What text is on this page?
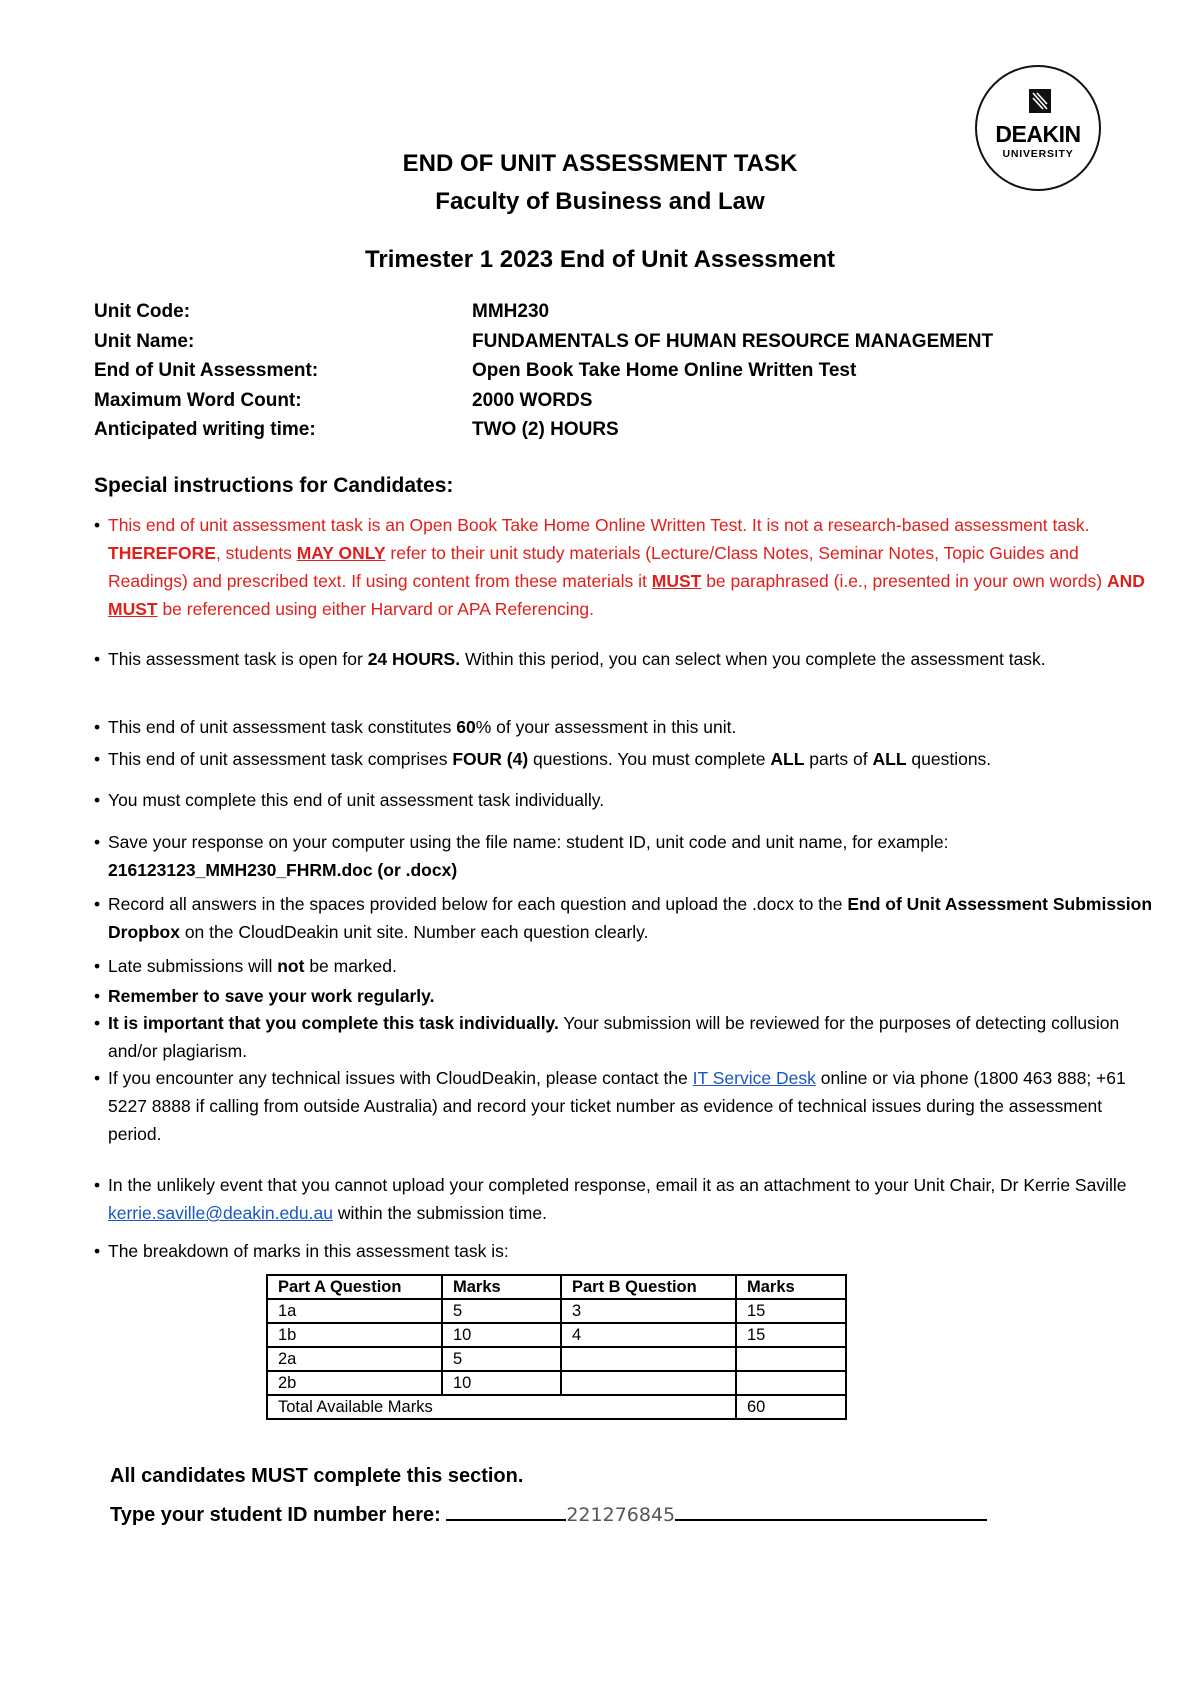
DEAKIN
UNIVERSITY
END OF UNIT ASSESSMENT TASK
Faculty of Business and Law
Trimester 1 2023 End of Unit Assessment
Unit Code:	MMH230
Unit Name:	FUNDAMENTALS OF HUMAN RESOURCE MANAGEMENT
End of Unit Assessment:	Open Book Take Home Online Written Test
Maximum Word Count:	2000 WORDS
Anticipated writing time:	TWO (2) HOURS
Special instructions for Candidates:
• This end of unit assessment task is an Open Book Take Home Online Written Test. It is not a research-based assessment task. THEREFORE, students MAY ONLY refer to their unit study materials (Lecture/Class Notes, Seminar Notes, Topic Guides and Readings) and prescribed text. If using content from these materials it MUST be paraphrased (i.e., presented in your own words) AND MUST be referenced using either Harvard or APA Referencing.
• This assessment task is open for 24 HOURS. Within this period, you can select when you complete the assessment task.
• This end of unit assessment task constitutes 60% of your assessment in this unit.
• This end of unit assessment task comprises FOUR (4) questions. You must complete ALL parts of ALL questions.
• You must complete this end of unit assessment task individually.
• Save your response on your computer using the file name: student ID, unit code and unit name, for example: 216123123_MMH230_FHRM.doc (or .docx)
• Record all answers in the spaces provided below for each question and upload the .docx to the End of Unit Assessment Submission Dropbox on the CloudDeakin unit site. Number each question clearly.
• Late submissions will not be marked.
• Remember to save your work regularly.
• It is important that you complete this task individually. Your submission will be reviewed for the purposes of detecting collusion and/or plagiarism.
• If you encounter any technical issues with CloudDeakin, please contact the IT Service Desk online or via phone (1800 463 888; +61 5227 8888 if calling from outside Australia) and record your ticket number as evidence of technical issues during the assessment period.
• In the unlikely event that you cannot upload your completed response, email it as an attachment to your Unit Chair, Dr Kerrie Saville kerrie.saville@deakin.edu.au within the submission time.
• The breakdown of marks in this assessment task is:
Part A Question	Marks	Part B Question	Marks
1a	5	3	15
1b	10	4	15
2a	5		
2b	10		
Total Available Marks			60
All candidates MUST complete this section.
Type your student ID number here:	221276845
